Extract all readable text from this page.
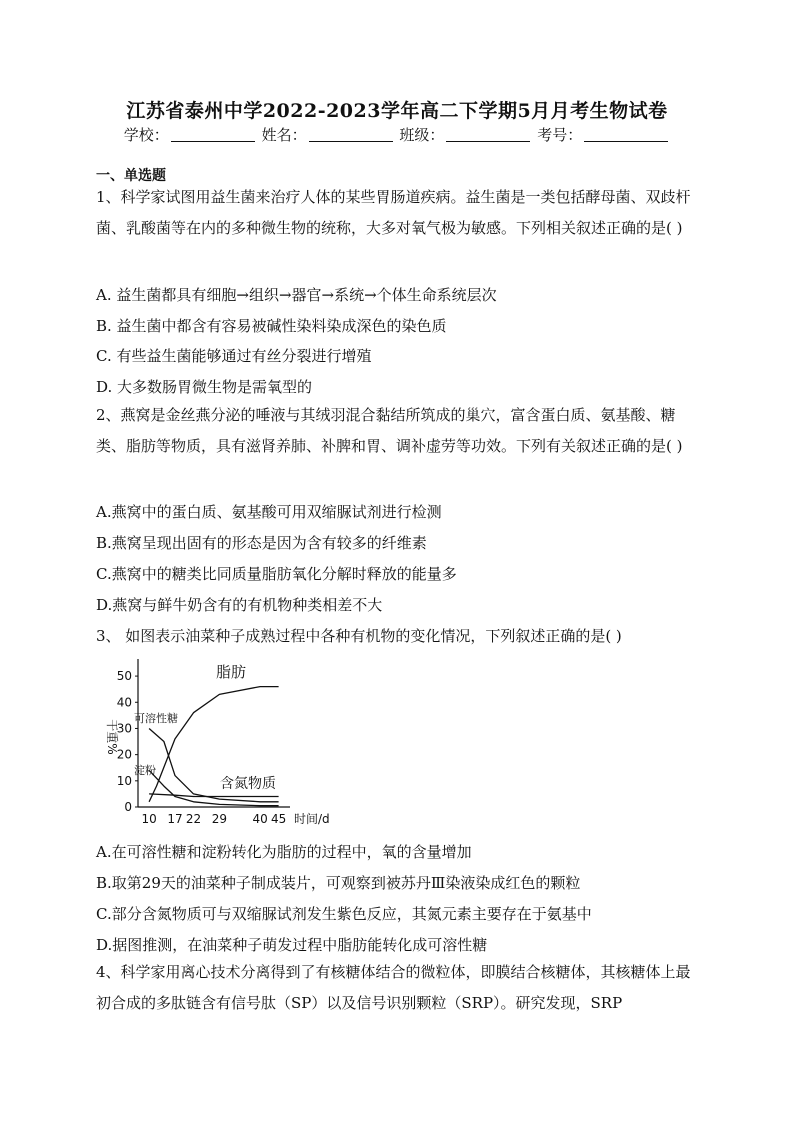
江苏省泰州中学2022-2023学年高二下学期5月月考生物试卷
学校：	姓名：	班级：	考号：
一、单选题
1、科学家试图用益生菌来治疗人体的某些胃肠道疾病。益生菌是一类包括酵母菌、双歧杆菌、乳酸菌等在内的多种微生物的统称，大多对氧气极为敏感。下列相关叙述正确的是( )
A. 益生菌都具有细胞→组织→器官→系统→个体生命系统层次
B. 益生菌中都含有容易被碱性染料染成深色的染色质
C. 有些益生菌能够通过有丝分裂进行增殖
D. 大多数肠胃微生物是需氧型的
2、燕窝是金丝燕分泌的唾液与其绒羽混合黏结所筑成的巢穴，富含蛋白质、氨基酸、糖类、脂肪等物质，具有滋肾养肺、补脾和胃、调补虚劳等功效。下列有关叙述正确的是( )
A.燕窝中的蛋白质、氨基酸可用双缩脲试剂进行检测
B.燕窝呈现出固有的形态是因为含有较多的纤维素
C.燕窝中的糖类比同质量脂肪氧化分解时释放的能量多
D.燕窝与鲜牛奶含有的有机物种类相差不大
3、 如图表示油菜种子成熟过程中各种有机物的变化情况，下列叙述正确的是( )
0
10
20
30
40
50
10 17 22 29 40 45 时间/d
干重%
脂肪
可溶性糖
淀粉
含氮物质
A.在可溶性糖和淀粉转化为脂肪的过程中，氧的含量增加
B.取第29天的油菜种子制成装片，可观察到被苏丹Ⅲ染液染成红色的颗粒
C.部分含氮物质可与双缩脲试剂发生紫色反应，其氮元素主要存在于氨基中
D.据图推测，在油菜种子萌发过程中脂肪能转化成可溶性糖
4、科学家用离心技术分离得到了有核糖体结合的微粒体，即膜结合核糖体，其核糖体上最初合成的多肽链含有信号肽（SP）以及信号识别颗粒（SRP）。研究发现，SRP
